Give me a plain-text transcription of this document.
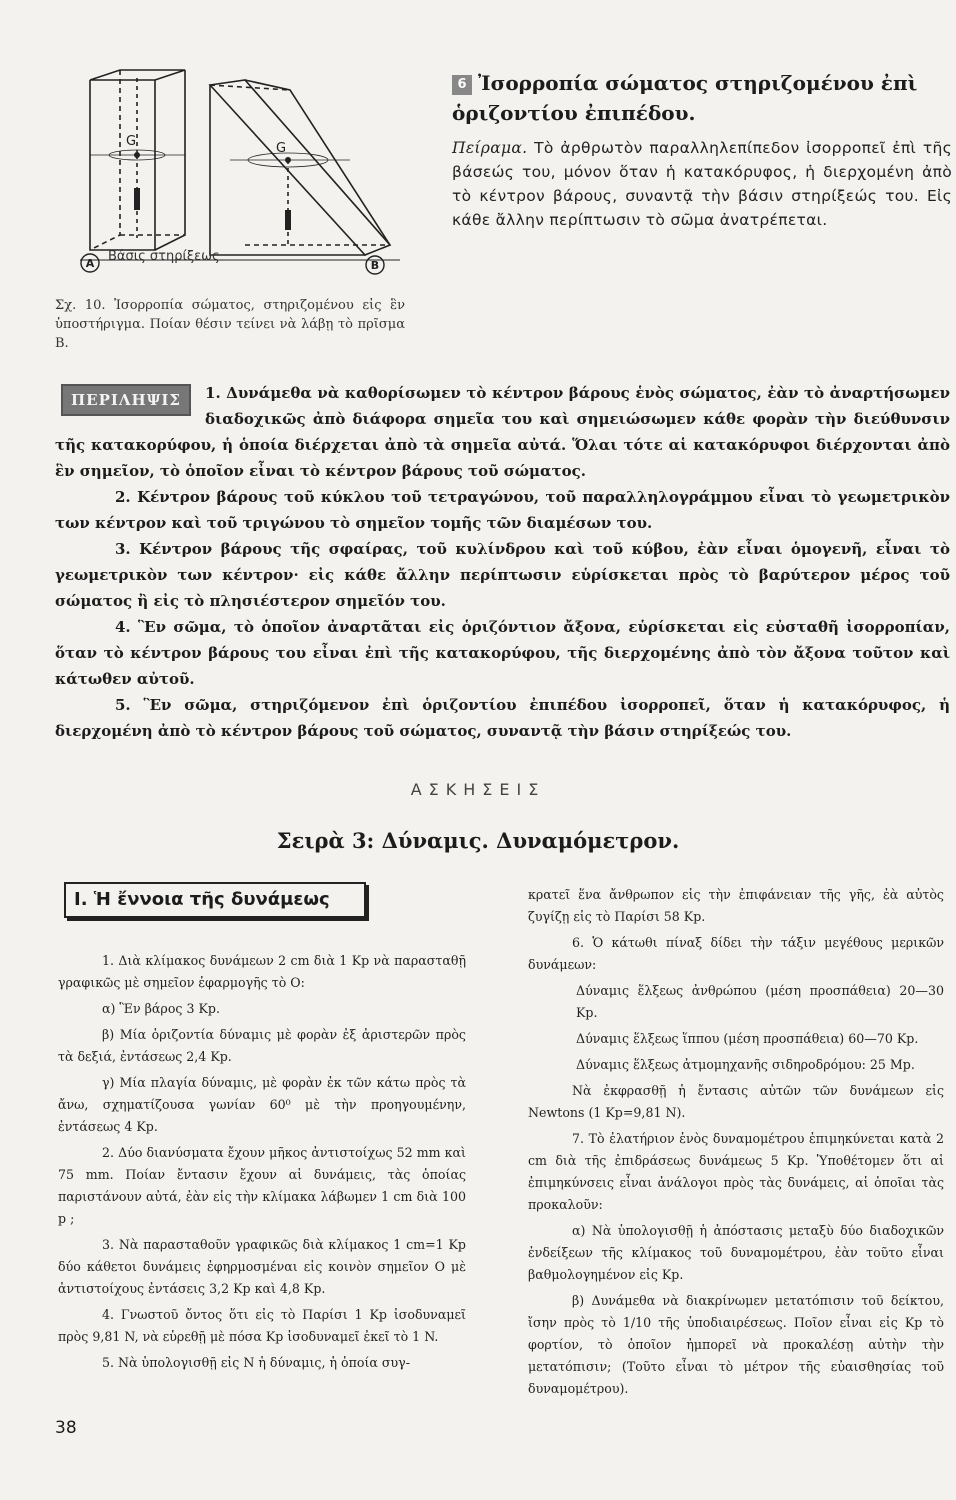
G	G
A	B
Βάσις στηρίξεως
Σχ. 10. Ἰσορροπία σώματος, στηριζομένου εἰς ἓν ὑποστήριγμα. Ποίαν θέσιν τείνει νὰ λάβῃ τὸ πρῖσμα Β.
6 Ἰσορροπία σώματος στηριζομένου ἐπὶ ὁριζοντίου ἐπιπέδου.
Πείραμα. Τὸ ἀρθρωτὸν παραλληλεπίπεδον ἰσορροπεῖ ἐπὶ τῆς βάσεώς του, μόνον ὅταν ἡ κατακόρυφος, ἡ διερχομένη ἀπὸ τὸ κέντρον βάρους, συναντᾷ τὴν βάσιν στηρίξεώς του. Εἰς κάθε ἄλλην περίπτωσιν τὸ σῶμα ἀνατρέπεται.
ΠΕΡΙΛΗΨΙΣ	1. Δυνάμεθα νὰ καθορίσωμεν τὸ κέντρον βάρους ἑνὸς σώματος, ἐὰν τὸ ἀναρτήσωμεν διαδοχικῶς ἀπὸ διάφορα σημεῖα του καὶ σημειώσωμεν κάθε φορὰν τὴν διεύθυνσιν τῆς κατακορύφου, ἡ ὁποία διέρχεται ἀπὸ τὰ σημεῖα αὐτά. Ὅλαι τότε αἱ κατακόρυφοι διέρχονται ἀπὸ ἓν σημεῖον, τὸ ὁποῖον εἶναι τὸ κέντρον βάρους τοῦ σώματος.

2. Κέντρον βάρους τοῦ κύκλου τοῦ τετραγώνου, τοῦ παραλληλογράμμου εἶναι τὸ γεωμετρικὸν των κέντρον καὶ τοῦ τριγώνου τὸ σημεῖον τομῆς τῶν διαμέσων του.

3. Κέντρον βάρους τῆς σφαίρας, τοῦ κυλίνδρου καὶ τοῦ κύβου, ἐὰν εἶναι ὁμογενῆ, εἶναι τὸ γεωμετρικὸν των κέντρον· εἰς κάθε ἄλλην περίπτωσιν εὑρίσκεται πρὸς τὸ βαρύτερον μέρος τοῦ σώματος ἢ εἰς τὸ πλησιέστερον σημεῖόν του.

4. Ἓν σῶμα, τὸ ὁποῖον ἀναρτᾶται εἰς ὁριζόντιον ἄξονα, εὑρίσκεται εἰς εὐσταθῆ ἰσορροπίαν, ὅταν τὸ κέντρον βάρους του εἶναι ἐπὶ τῆς κατακορύφου, τῆς διερχομένης ἀπὸ τὸν ἄξονα τοῦτον καὶ κάτωθεν αὐτοῦ.

5. Ἓν σῶμα, στηριζόμενον ἐπὶ ὁριζοντίου ἐπιπέδου ἰσορροπεῖ, ὅταν ἡ κατακόρυφος, ἡ διερχομένη ἀπὸ τὸ κέντρον βάρους τοῦ σώματος, συναντᾷ τὴν βάσιν στηρίξεώς του.

ΑΣΚΗΣΕΙΣ
Σειρὰ 3: Δύναμις. Δυναμόμετρον.
I. Ἡ ἔννοια τῆς δυνάμεως

1. Διὰ κλίμακος δυνάμεων 2 cm διὰ 1 Kp νὰ παρασταθῇ γραφικῶς μὲ σημεῖον ἐφαρμογῆς τὸ Ο:

α) Ἓν βάρος 3 Kp.

β) Μία ὁριζοντία δύναμις μὲ φορὰν ἐξ ἀριστερῶν πρὸς τὰ δεξιά, ἐντάσεως 2,4 Kp.

γ) Μία πλαγία δύναμις, μὲ φορὰν ἐκ τῶν κάτω πρὸς τὰ ἄνω, σχηματίζουσα γωνίαν 60⁰ μὲ τὴν προηγουμένην, ἐντάσεως 4 Kp.

2. Δύο διανύσματα ἔχουν μῆκος ἀντιστοίχως 52 mm καὶ 75 mm. Ποίαν ἔντασιν ἔχουν αἱ δυνάμεις, τὰς ὁποίας παριστάνουν αὐτά, ἐὰν εἰς τὴν κλίμακα λάβωμεν 1 cm διὰ 100 p ;

3. Νὰ παρασταθοῦν γραφικῶς διὰ κλίμακος 1 cm=1 Kp δύο κάθετοι δυνάμεις ἐφηρμοσμέναι εἰς κοινὸν σημεῖον Ο μὲ ἀντιστοίχους ἐντάσεις 3,2 Kp καὶ 4,8 Kp.

4. Γνωστοῦ ὄντος ὅτι εἰς τὸ Παρίσι 1 Kp ἰσοδυναμεῖ πρὸς 9,81 N, νὰ εὑρεθῇ μὲ πόσα Kp ἰσοδυναμεῖ ἐκεῖ τὸ 1 N.

5. Νὰ ὑπολογισθῇ εἰς N ἡ δύναμις, ἡ ὁποία συγ-

κρατεῖ ἕνα ἄνθρωπον εἰς τὴν ἐπιφάνειαν τῆς γῆς, ἐὰ αὐτὸς ζυγίζῃ εἰς τὸ Παρίσι 58 Kp.

6. Ὁ κάτωθι πίναξ δίδει τὴν τάξιν μεγέθους μερικῶν δυνάμεων:

Δύναμις ἕλξεως ἀνθρώπου (μέση προσπάθεια) 20—30 Kp.

Δύναμις ἕλξεως ἵππου (μέση προσπάθεια) 60—70 Kp.

Δύναμις ἕλξεως ἀτμομηχανῆς σιδηροδρόμου: 25 Mp.

Νὰ ἐκφρασθῇ ἡ ἔντασις αὐτῶν τῶν δυνάμεων εἰς Newtons (1 Kp=9,81 N).

7. Τὸ ἐλατήριον ἑνὸς δυναμομέτρου ἐπιμηκύνεται κατὰ 2 cm διὰ τῆς ἐπιδράσεως δυνάμεως 5 Kp. Ὑποθέτομεν ὅτι αἱ ἐπιμηκύνσεις εἶναι ἀνάλογοι πρὸς τὰς δυνάμεις, αἱ ὁποῖαι τὰς προκαλοῦν:

α) Νὰ ὑπολογισθῇ ἡ ἀπόστασις μεταξὺ δύο διαδοχικῶν ἐνδείξεων τῆς κλίμακος τοῦ δυναμομέτρου, ἐὰν τοῦτο εἶναι βαθμολογημένον εἰς Kp.

β) Δυνάμεθα νὰ διακρίνωμεν μετατόπισιν τοῦ δείκτου, ἴσην πρὸς τὸ 1/10 τῆς ὑποδιαιρέσεως. Ποῖον εἶναι εἰς Kp τὸ φορτίον, τὸ ὁποῖον ἠμπορεῖ νὰ προκαλέσῃ αὐτὴν τὴν μετατόπισιν; (Τοῦτο εἶναι τὸ μέτρον τῆς εὐαισθησίας τοῦ δυναμομέτρου).

38
